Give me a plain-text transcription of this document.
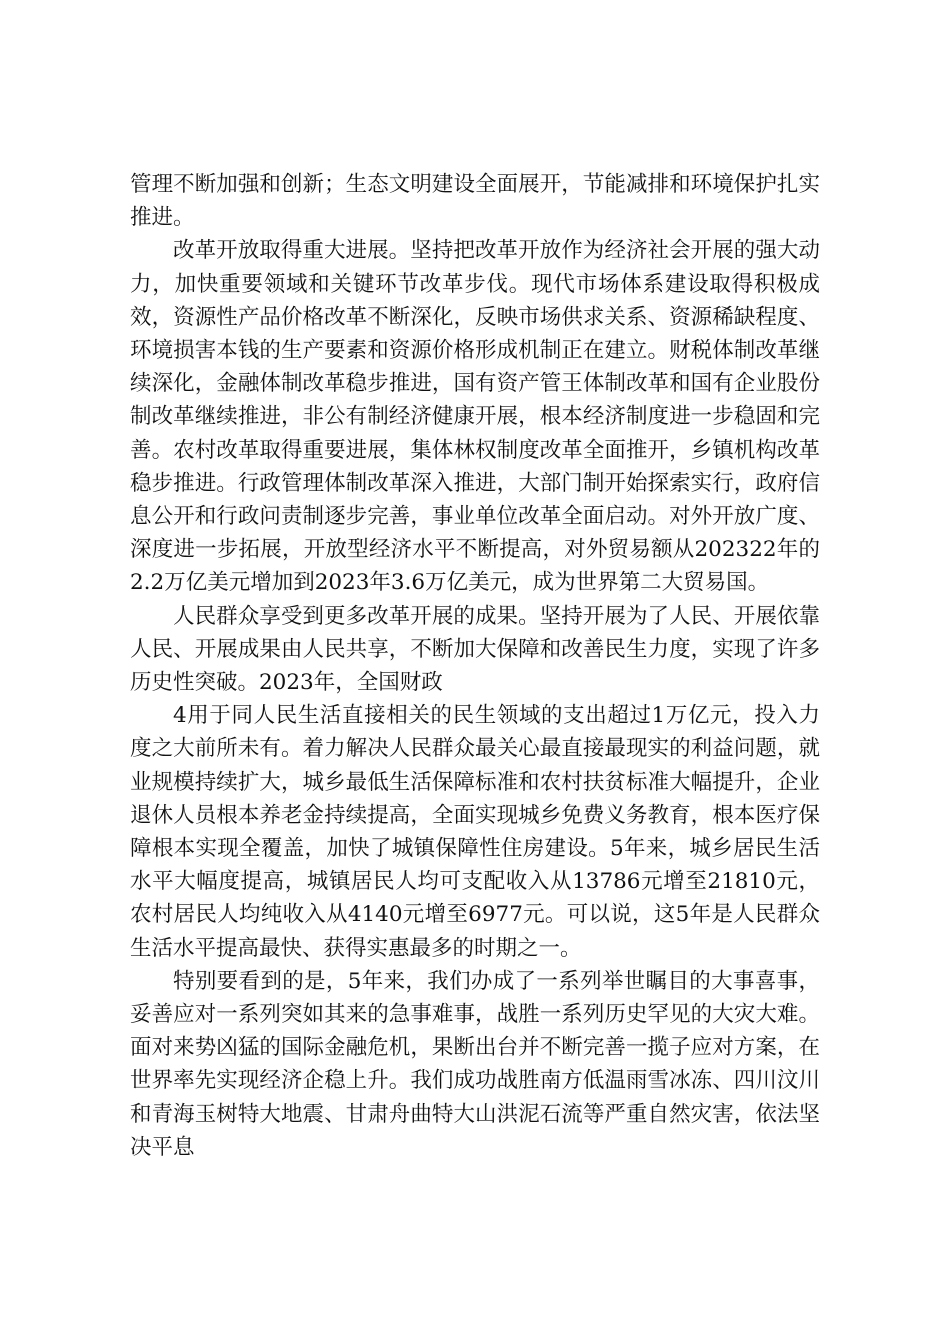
管理不断加强和创新；生态文明建设全面展开，节能减排和环境保护扎实推进。

改革开放取得重大进展。坚持把改革开放作为经济社会开展的强大动力，加快重要领域和关键环节改革步伐。现代市场体系建设取得积极成效，资源性产品价格改革不断深化，反映市场供求关系、资源稀缺程度、环境损害本钱的生产要素和资源价格形成机制正在建立。财税体制改革继续深化，金融体制改革稳步推进，国有资产管王体制改革和国有企业股份制改革继续推进，非公有制经济健康开展，根本经济制度进一步稳固和完善。农村改革取得重要进展，集体林权制度改革全面推开，乡镇机构改革稳步推进。行政管理体制改革深入推进，大部门制开始探索实行，政府信息公开和行政问责制逐步完善，事业单位改革全面启动。对外开放广度、深度进一步拓展，开放型经济水平不断提高，对外贸易额从202322年的2.2万亿美元增加到2023年3.6万亿美元，成为世界第二大贸易国。

人民群众享受到更多改革开展的成果。坚持开展为了人民、开展依靠人民、开展成果由人民共享，不断加大保障和改善民生力度，实现了许多历史性突破。2023年，全国财政

4用于同人民生活直接相关的民生领域的支出超过1万亿元，投入力度之大前所未有。着力解决人民群众最关心最直接最现实的利益问题，就业规模持续扩大，城乡最低生活保障标准和农村扶贫标准大幅提升，企业退休人员根本养老金持续提高，全面实现城乡免费义务教育，根本医疗保障根本实现全覆盖，加快了城镇保障性住房建设。5年来，城乡居民生活水平大幅度提高，城镇居民人均可支配收入从13786元增至21810元，农村居民人均纯收入从4140元增至6977元。可以说，这5年是人民群众生活水平提高最快、获得实惠最多的时期之一。

特别要看到的是，5年来，我们办成了一系列举世瞩目的大事喜事，妥善应对一系列突如其来的急事难事，战胜一系列历史罕见的大灾大难。面对来势凶猛的国际金融危机，果断出台并不断完善一揽子应对方案，在世界率先实现经济企稳上升。我们成功战胜南方低温雨雪冰冻、四川汶川和青海玉树特大地震、甘肃舟曲特大山洪泥石流等严重自然灾害，依法坚决平息
